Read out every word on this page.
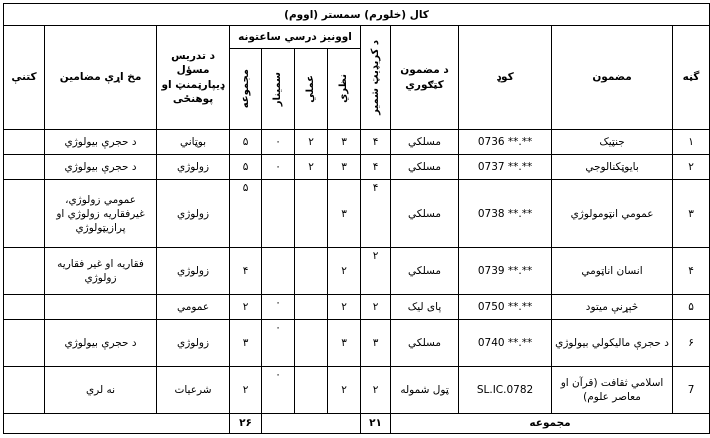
کال (خلورم) سمستر (اووم)											
گڼه	مضمون	کوډ	د مضمون کټګوري	د کریډیټ شمیر	اوونیز درسي ساعتونه				د تدریس مسؤل ډیپارټمنټ او پوهنځی	مخ اړې مضامین	کتنې

					نظري	عملي	سمينار	مجموعه			

۱	جنټیک	0736 **.**	مسلکي	۴	۳	۲	۰	۵	بوټاني	د حجرې بیولوژي	
۲	بایوټکنالوجي	0737 **.**	مسلکي	۴	۳	۲	۰	۵	زولوژي	د حجرې بیولوژي	
۳	عمومي انټومولوژي	0738 **.**	مسلکي	۴	۳			۵	زولوژي	عمومي زولوژي، غیرفقاریه زولوژي او پرازیټولوژي	
۴	انسان اناټومي	0739 **.**	مسلکي	۲	۲			۴	زولوژي	فقاریه او غیر فقاریه زولوژي	
۵	څېړنې میتود	0750 **.**	پای لیک	۲	۲		۰	۲	عمومي		
۶	د حجرې مالیکولي بیولوژي	0740 **.**	مسلکي	۳	۳		۰	۳	زولوژي	د حجرې بیولوژي	
7	اسلامي ثقافت (قرآن او معاصر علوم)	SL.IC.0782	ټول شموله	۲	۲		۰	۲	شرعیات	نه لري	
مجموعه				۲۱				۲۶			
